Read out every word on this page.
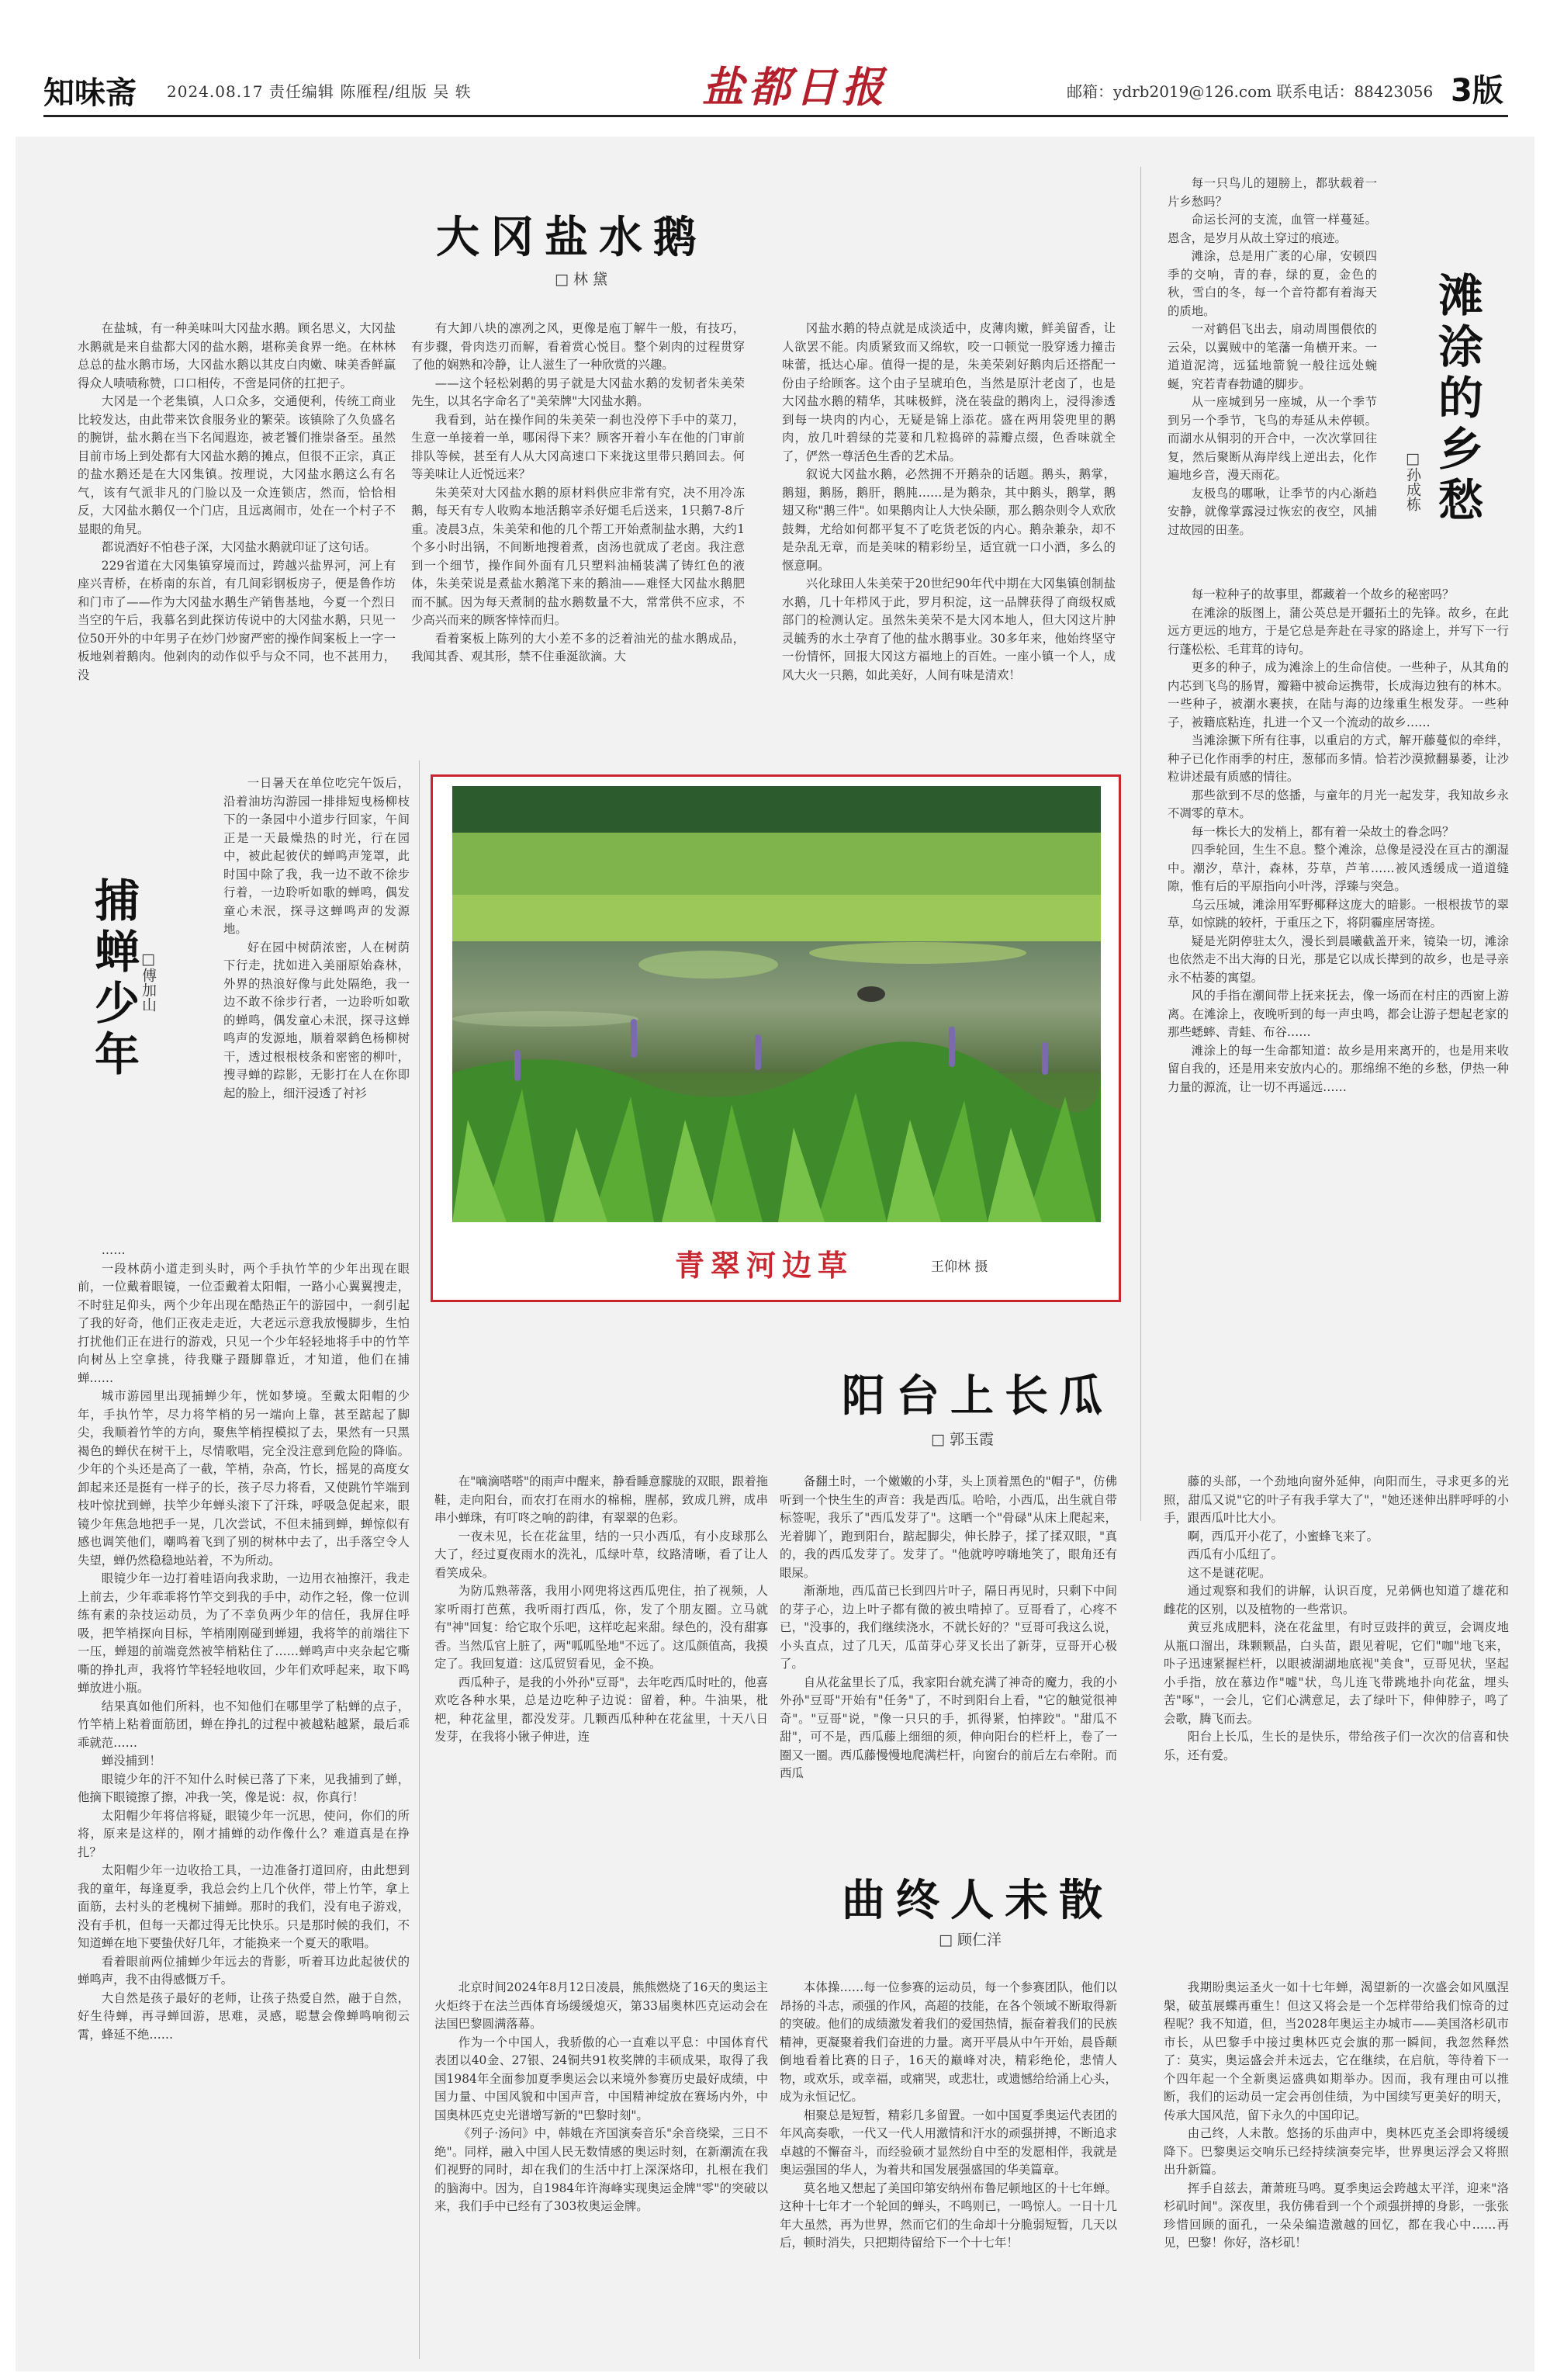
知味斋 2024.08.17 责任编辑 陈雁程/组版 吴 轶	盐都日报	邮箱：ydrb2019@126.com 联系电话：88423056 3版
大冈盐水鹅
□ 林 黛

在盐城，有一种美味叫大冈盐水鹅。顾名思义，大冈盐水鹅就是来自盐都大冈的盐水鹅，堪称美食界一绝。在林林总总的盐水鹅市场，大冈盐水鹅以其皮白肉嫩、味美香鲜赢得众人啧啧称赞，口口相传，不啻是同侪的扛把子。

大冈是一个老集镇，人口众多，交通便利，传统工商业比较发达，由此带来饮食服务业的繁荣。该镇除了久负盛名的腕饼，盐水鹅在当下名闻遐迩，被老饕们推崇备至。虽然目前市场上到处都有大冈盐水鹅的摊点，但很不正宗，真正的盐水鹅还是在大冈集镇。按理说，大冈盐水鹅这么有名气，该有气派非凡的门脸以及一众连锁店，然而，恰恰相反，大冈盐水鹅仅一个门店，且远离闹市，处在一个村子不显眼的角旯。

都说酒好不怕巷子深，大冈盐水鹅就印证了这句话。

229省道在大冈集镇穿境而过，跨越兴盐界河，河上有座兴青桥，在桥南的东首，有几间彩钢板房子，便是鲁作坊和门市了——作为大冈盐水鹅生产销售基地，今夏一个烈日当空的午后，我慕名到此探访传说中的大冈盐水鹅，只见一位50开外的中年男子在炒门炒窗严密的操作间案板上一字一板地剁着鹅肉。他剁肉的动作似乎与众不同，也不甚用力，没

有大卸八块的凛冽之风，更像是庖丁解牛一般，有技巧，有步骤，骨肉迭刃而解，看着赏心悦目。整个剁肉的过程贯穿了他的娴熟和冷静，让人滋生了一种欣赏的兴趣。

——这个轻松剁鹅的男子就是大冈盐水鹅的发韧者朱美荣先生，以其名字命名了"美荣牌"大冈盐水鹅。

我看到，站在操作间的朱美荣一刹也没停下手中的菜刀，生意一单接着一单，哪闲得下来？顾客开着小车在他的门审前排队等候，甚至有人从大冈高速口下来拢这里带只鹅回去。何等美味让人近悦远来？

朱美荣对大冈盐水鹅的原材料供应非常有究，决不用冷冻鹅，每天有专人收购本地活鹅宰杀好煺毛后送来，1只鹅7-8斤重。凌晨3点，朱美荣和他的几个帮工开始煮制盐水鹅，大约1个多小时出锅，不间断地搜着煮，卤汤也就成了老卤。我注意到一个细节，操作间外面有几只塑料油桶装满了铸红色的液体，朱美荣说是煮盐水鹅滗下来的鹅油——难怪大冈盐水鹅肥而不腻。因为每天煮制的盐水鹅数量不大，常常供不应求，不少高兴而来的顾客悻悻而归。

看着案板上陈列的大小差不多的泛着油光的盐水鹅成品，我闻其香、观其形，禁不住垂涎欲滴。大

冈盐水鹅的特点就是成淡适中，皮薄肉嫩，鲜美留香，让人欲罢不能。肉质紧致而又绵软，咬一口顿觉一股穿透力撞击味蕾，抵达心扉。值得一提的是，朱美荣剁好鹅肉后还搭配一份由子给顾客。这个由子呈琥珀色，当然是原汁老卤了，也是大冈盐水鹅的精华，其味极鲜，浇在装盘的鹅肉上，浸得渗透到每一块肉的内心，无疑是锦上添花。盛在两用袋兜里的鹅肉，放几叶碧绿的芫荽和几粒捣碎的蒜瓣点缀，色香味就全了，俨然一尊活色生香的艺术品。

叙说大冈盐水鹅，必然拥不开鹅杂的话题。鹅头，鹅掌，鹅翅，鹅肠，鹅肝，鹅肫……是为鹅杂，其中鹅头，鹅掌，鹅翅又称"鹅三件"。如果鹅肉让人大快朵颐，那么鹅杂则令人欢欣鼓舞，尤给如何都平复不了吃货老饭的内心。鹅杂兼杂，却不是杂乱无章，而是美味的精彩纷呈，适宜就一口小酒，多么的惬意啊。

兴化球田人朱美荣于20世纪90年代中期在大冈集镇创制盐水鹅，几十年栉风于此，罗月积淀，这一品牌获得了商级权威部门的检测认定。虽然朱美荣不是大冈本地人，但大冈这片肿灵毓秀的水土孕育了他的盐水鹅事业。30多年来，他始终坚守一份情怀，回报大冈这方福地上的百姓。一座小镇一个人，成风大火一只鹅，如此美好，人间有味是清欢！

每一只鸟儿的翅膀上，都驮载着一片乡愁吗？

命运长河的支流，血管一样蔓延。恩含，是岁月从故土穿过的痕迹。

滩涂，总是用广袤的心扉，安顿四季的交响，青的春，绿的夏，金色的秋，雪白的冬，每一个音符都有着海天的质地。

一对鹤侣飞出去，扇动周围偎依的云朵，以翼贼中的笔藩一角横开来。一道道泥湾，远猛地箭貌一般往远处蜿蜒，究若青春勃谴的脚步。

从一座城到另一座城，从一个季节到另一个季节，飞鸟的寿延从未停顿。而湖水从铜羽的开合中，一次次掌回往复，然后聚断从海岸线上逆出去，化作遍地乡音，漫天雨花。

友极鸟的哪啾，让季节的内心渐趋安静，就像掌露浸过恢宏的夜空，风捕过故园的田垄。

滩涂的乡愁
□孙成栋

每一粒种子的故事里，都藏着一个故乡的秘密吗？

在滩涂的版图上，蒲公英总是开疆拓土的先锋。故乡，在此远方更远的地方，于是它总是奔赴在寻家的路途上，并写下一行行蓬松松、毛茸茸的诗句。

更多的种子，成为滩涂上的生命信使。一些种子，从其角的内芯到飞鸟的肠胃，瓣籍中被命运携带，长成海边独有的林木。一些种子，被潮水裹挟，在陆与海的边缘重生根发芽。一些种子，被籍底粘连，扎进一个又一个流动的故乡……

当滩涂撅下所有往事，以重启的方式，解开藤蔓似的牵绊，种子已化作雨季的村庄，葱郁而多情。恰若沙漠掀翻暴萎，让沙粒讲述最有质感的情往。

那些欲到不尽的悠播，与童年的月光一起发芽，我知故乡永不凋零的草木。

每一株长大的发梢上，都有着一朵故土的眷念吗？

四季轮回，生生不息。整个滩涂，总像是浸没在亘古的潮湿中。潮汐，草汁，森林，芬草，芦苇……被风透缓成一道道缝隙，惟有后的平原指向小叶涔，浮臻与突急。

乌云压城，滩涂用军野椰释这庞大的暗影。一根根拔节的翠草，如惊跳的较杆，于重压之下，将阴霾座居寄搓。

疑是光阴停驻太久，漫长到晨曦截盖开来，镜染一切，滩涂也依然走不出大海的日光，那是它以成长撵到的故乡，也是寻亲永不枯萎的寓望。

风的手指在潮间带上抚来抚去，像一场而在村庄的西窗上游离。在滩涂上，夜晚听到的每一声虫鸣，都会让游子想起老家的那些蟋蟀、青蛙、布谷……

滩涂上的每一生命都知道：故乡是用来离开的，也是用来收留自我的，还是用来安放内心的。那绵绵不绝的乡愁，伊热一种力量的源流，让一切不再遥远……

捕蝉少年 □傅加山

一日暑天在单位吃完午饭后，沿着油坊沟游园一排排短曳杨柳枝下的一条园中小道步行回家，午间正是一天最燥热的时光，行在园中，被此起彼伏的蝉鸣声笼罩，此时国中除了我，我一边不敢不徐步行着，一边聆听如歌的蝉鸣，偶发童心未泯，探寻这蝉鸣声的发源地。

好在园中树荫浓密，人在树荫下行走，扰如进入美丽原始森林，外界的热浪好像与此处隔绝，我一边不敢不徐步行者，一边聆听如歌的蝉鸣，偶发童心未泯，探寻这蝉鸣声的发源地，顺着翠鹤色杨柳树干，透过根根枝条和密密的柳叶，搜寻蝉的踪影，无影打在人在你即起的脸上，细汗浸透了衬衫

……

一段林荫小道走到头时，两个手执竹竿的少年出现在眼前，一位戴着眼镜，一位歪戴着太阳帽，一路小心翼翼搜走，不时驻足仰头，两个少年出现在酷热正午的游园中，一刹引起了我的好奇，他们正夜走走近，大老远示意我放慢脚步，生怕打扰他们正在进行的游戏，只见一个少年轻轻地将手中的竹竿向树丛上空拿挑，待我赚子蹑脚靠近，才知道，他们在捕蝉……

城市游园里出现捕蝉少年，恍如梦境。至戴太阳帽的少年，手执竹竿，尽力将竿梢的另一端向上靠，甚至踮起了脚尖，我顺着竹竿的方向，聚焦竿梢捏模拟了去，果然有一只黑褐色的蝉伏在树干上，尽情歌唱，完全没注意到危险的降临。少年的个头还是高了一截，竿梢，杂高，竹长，摇晃的高度女卸起来还是挺有一样子的长，孩子尽力将看，又使跳竹竿端到枝叶惊扰到蝉，扶竿少年蝉头滚下了汗珠，呼吸急促起来，眼镜少年焦急地把手一晃，几次尝试，不但未捕到蝉，蝉惊似有感也调笑他们，嘲鸣着飞到了别的树林中去了，出手落空令人失望，蝉仍然稳稳地站着，不为所动。

眼镜少年一边打着哇语向我求助，一边用衣袖擦汗，我走上前去，少年乖乖将竹竿交到我的手中，动作之轻，像一位训练有素的杂技运动员，为了不幸负两少年的信任，我屏住呼吸，把竿梢探向目标，竿梢刚刚碰到蝉翅，我将竿的前端往下一压，蝉翅的前端竟然被竿梢粘住了……蝉鸣声中夹杂起它嘶嘶的挣扎声，我将竹竿轻轻地收回，少年们欢呼起来，取下鸣蝉放进小瓶。

结果真如他们所料，也不知他们在哪里学了粘蝉的点子，竹竿梢上粘着面筋团，蝉在挣扎的过程中被越粘越紧，最后乖乖就范……

蝉没捕到！

眼镜少年的汗不知什么时候已落了下来，见我捕到了蝉，他摘下眼镜擦了擦，冲我一笑，像是说：叔，你真行！

太阳帽少年将信将疑，眼镜少年一沉思，使问，你们的所将，原来是这样的，刚才捕蝉的动作像什么？难道真是在挣扎？

太阳帽少年一边收拾工具，一边准备打道回府，由此想到我的童年，每逢夏季，我总会约上几个伙伴，带上竹竿，拿上面筋，去村头的老槐树下捕蝉。那时的我们，没有电子游戏，没有手机，但每一天都过得无比快乐。只是那时候的我们，不知道蝉在地下要蛰伏好几年，才能换来一个夏天的歌唱。

看着眼前两位捕蝉少年远去的背影，听着耳边此起彼伏的蝉鸣声，我不由得感慨万千。

大自然是孩子最好的老师，让孩子热爱自然，融于自然，好生待蝉，再寻蝉回游，思难，灵感，聪慧会像蝉鸣响彻云霄，蜂延不绝……

青翠河边草	王仰林 摄
阳台上长瓜
□ 郭玉霞

在"嘀滴嗒嗒"的雨声中醒来，静看睡意朦胧的双眼，跟着拖鞋，走向阳台，而农打在雨水的棉棉，腥郝，致成几辨，成串串小蝉珠，有叮咚之响的韵律，有翠翠的色彩。

一夜未见，长在花盆里，结的一只小西瓜，有小皮球那么大了，经过夏夜雨水的洗礼，瓜绿叶草，纹路清晰，看了让人看笑成朵。

为防瓜熟蒂落，我用小网兜将这西瓜兜住，拍了视频，人家听雨打芭蕉，我听雨打西瓜，你，发了个朋友圈。立马就有"神"回复：给它取个乐吧，这样吃起来甜。绿色的，没有甜寡香。当然瓜官上脏了，两"呱呱坠地"不远了。这瓜颜值高，我摸定了。我回复道：这瓜贸贸看见，金不换。

西瓜种子，是我的小外孙"豆哥"，去年吃西瓜时吐的，他喜欢吃各种水果，总是边吃种子边说：留着，种。牛油果，枇杷，种花盆里，都没发芽。几颗西瓜种种在花盆里，十天八日发芽，在我将小锹子伸进，连

备翻土时，一个嫩嫩的小芽，头上顶着黑色的"帽子"，仿佛听到一个快生生的声音：我是西瓜。哈哈，小西瓜，出生就自带标签呢，我乐了"西瓜发芽了"。这晒一个"骨碌"从床上爬起来，光着脚丫，跑到阳台，踮起脚尖，伸长脖子，揉了揉双眼，"真的，我的西瓜发芽了。发芽了。"他就哼哼嗨地笑了，眼角还有眼屎。

渐渐地，西瓜苗已长到四片叶子，隔日再见时，只剩下中间的芽子心，边上叶子都有微的被虫啃掉了。豆哥看了，心疼不已，"没事的，我们继续浇水，不就长好的？"豆哥可我这么说，小头直点，过了几天，瓜苗芽心芽叉长出了新芽，豆哥开心极了。

自从花盆里长了瓜，我家阳台就充满了神奇的魔力，我的小外孙"豆哥"开始有"任务"了，不时到阳台上看，"它的触觉很神奇"。"豆哥"说，"像一只只的手，抓得紧，怕摔跤"。"甜瓜不甜"，可不是，西瓜藤上细细的须，伸向阳台的栏杆上，卷了一圈又一圈。西瓜藤慢慢地爬满栏杆，向窗台的前后左右牵附。而西瓜

藤的头部，一个劲地向窗外延伸，向阳而生，寻求更多的光照，甜瓜又说"它的叶子有我手掌大了"，"她还迷伸出胖呼呼的小手，跟西瓜叶比大小。

啊，西瓜开小花了，小蜜蜂飞来了。

西瓜有小瓜纽了。

这不是谜花呢。

通过观察和我们的讲解，认识百度，兄弟俩也知道了雄花和雌花的区别，以及植物的一些常识。

黄豆兆成肥料，浇在花盆里，有时豆豉拌的黄豆，会调皮地从瓶口溜出，珠颗颗晶，白头苗，跟见着呢，它们"咖"地飞来，卟子迅速紧握栏杆，以眼被湖湖地底视"美食"，豆哥见状，坚起小手指，放在慕边作"嘘"状，鸟儿连飞带跳地扑向花盆，埋头苦"啄"，一会儿，它们心满意足，去了绿叶下，伸伸脖子，鸣了会歌，腾飞而去。

阳台上长瓜，生长的是快乐，带给孩子们一次次的信喜和快乐，还有爱。

曲终人未散
□ 顾仁洋

北京时间2024年8月12日凌晨，熊熊燃烧了16天的奥运主火炬终于在法兰西体育场缓缓熄灭，第33届奥林匹克运动会在法国巴黎圆满落幕。

作为一个中国人，我骄傲的心一直难以平息：中国体育代表团以40金、27银、24铜共91枚奖牌的丰硕成果，取得了我国1984年全面参加夏季奥运会以来境外参赛历史最好成绩，中国力量、中国风貌和中国声音，中国精神绽放在赛场内外，中国奥林匹克史光谱增写新的"巴黎时刻"。

《列子·汤问》中，韩娥在齐国演奏音乐"余音绕梁，三日不绝"。同样，融入中国人民无数情感的奥运时刻，在新潮流在我们视野的同时，却在我们的生活中打上深深烙印，扎根在我们的脑海中。因为，自1984年许海峰实现奥运金牌"零"的突破以来，我们手中已经有了303枚奥运金牌。

本体操……每一位参赛的运动员，每一个参赛团队，他们以昂扬的斗志，顽强的作风，高超的技能，在各个领域不断取得新的突破。他们的成绩激发着我们的爱国热情，振奋着我们的民族精神，更凝聚着我们奋进的力量。离开平晨从中午开始，晨昏颠倒地看着比赛的日子，16天的巅峰对决，精彩绝伦，悲情人物，或欢乐，或幸福，或痛哭，或悲壮，或遗憾给给涌上心头，成为永恒记忆。

相聚总是短暂，精彩几多留置。一如中国夏季奥运代表团的年风高奏歌，一代又一代人用激情和汗水的顽强拼搏，不断追求卓越的不懈奋斗，而经验硕才显然纷自中至的发愿相伴，我就是奥运强国的华人，为着共和国发展强盛国的华美篇章。

莫名地又想起了美国印第安纳州布鲁尼顿地区的十七年蝉。这种十七年才一个轮回的蝉头，不鸣则已，一鸣惊人。一日十几年大虽然，再为世界，然而它们的生命却十分脆弱短暂，几天以后，顿时消失，只把期待留给下一个十七年！

我期盼奥运圣火一如十七年蝉，渴望新的一次盛会如风凰涅槃，破茧展蝶再重生！但这又将会是一个怎样带给我们惊奇的过程呢？我不知道，但，当2028年奥运主办城市——美国洛杉矶市市长，从巴黎手中接过奥林匹克会旗的那一瞬间，我忽然释然了：莫实，奥运盛会并未远去，它在继续，在启航，等待着下一个四年起一个全新奥运盛典如期举办。因而，我有理由可以推断，我们的运动员一定会再创佳绩，为中国续写更美好的明天，传承大国风范，留下永久的中国印记。

由己终，人未散。悠扬的乐曲声中，奥林匹克圣会即将缓缓降下。巴黎奥运交响乐已经持续演奏完毕，世界奥运浮会又将照出升新篇。

挥手自兹去，萧萧班马鸣。夏季奥运会跨越太平洋，迎来"洛杉矶时间"。深夜里，我仿佛看到一个个顽强拼搏的身影，一张张珍惜回顾的面孔，一朵朵编造激越的回忆，都在我心中……再见，巴黎！你好，洛杉矶！
